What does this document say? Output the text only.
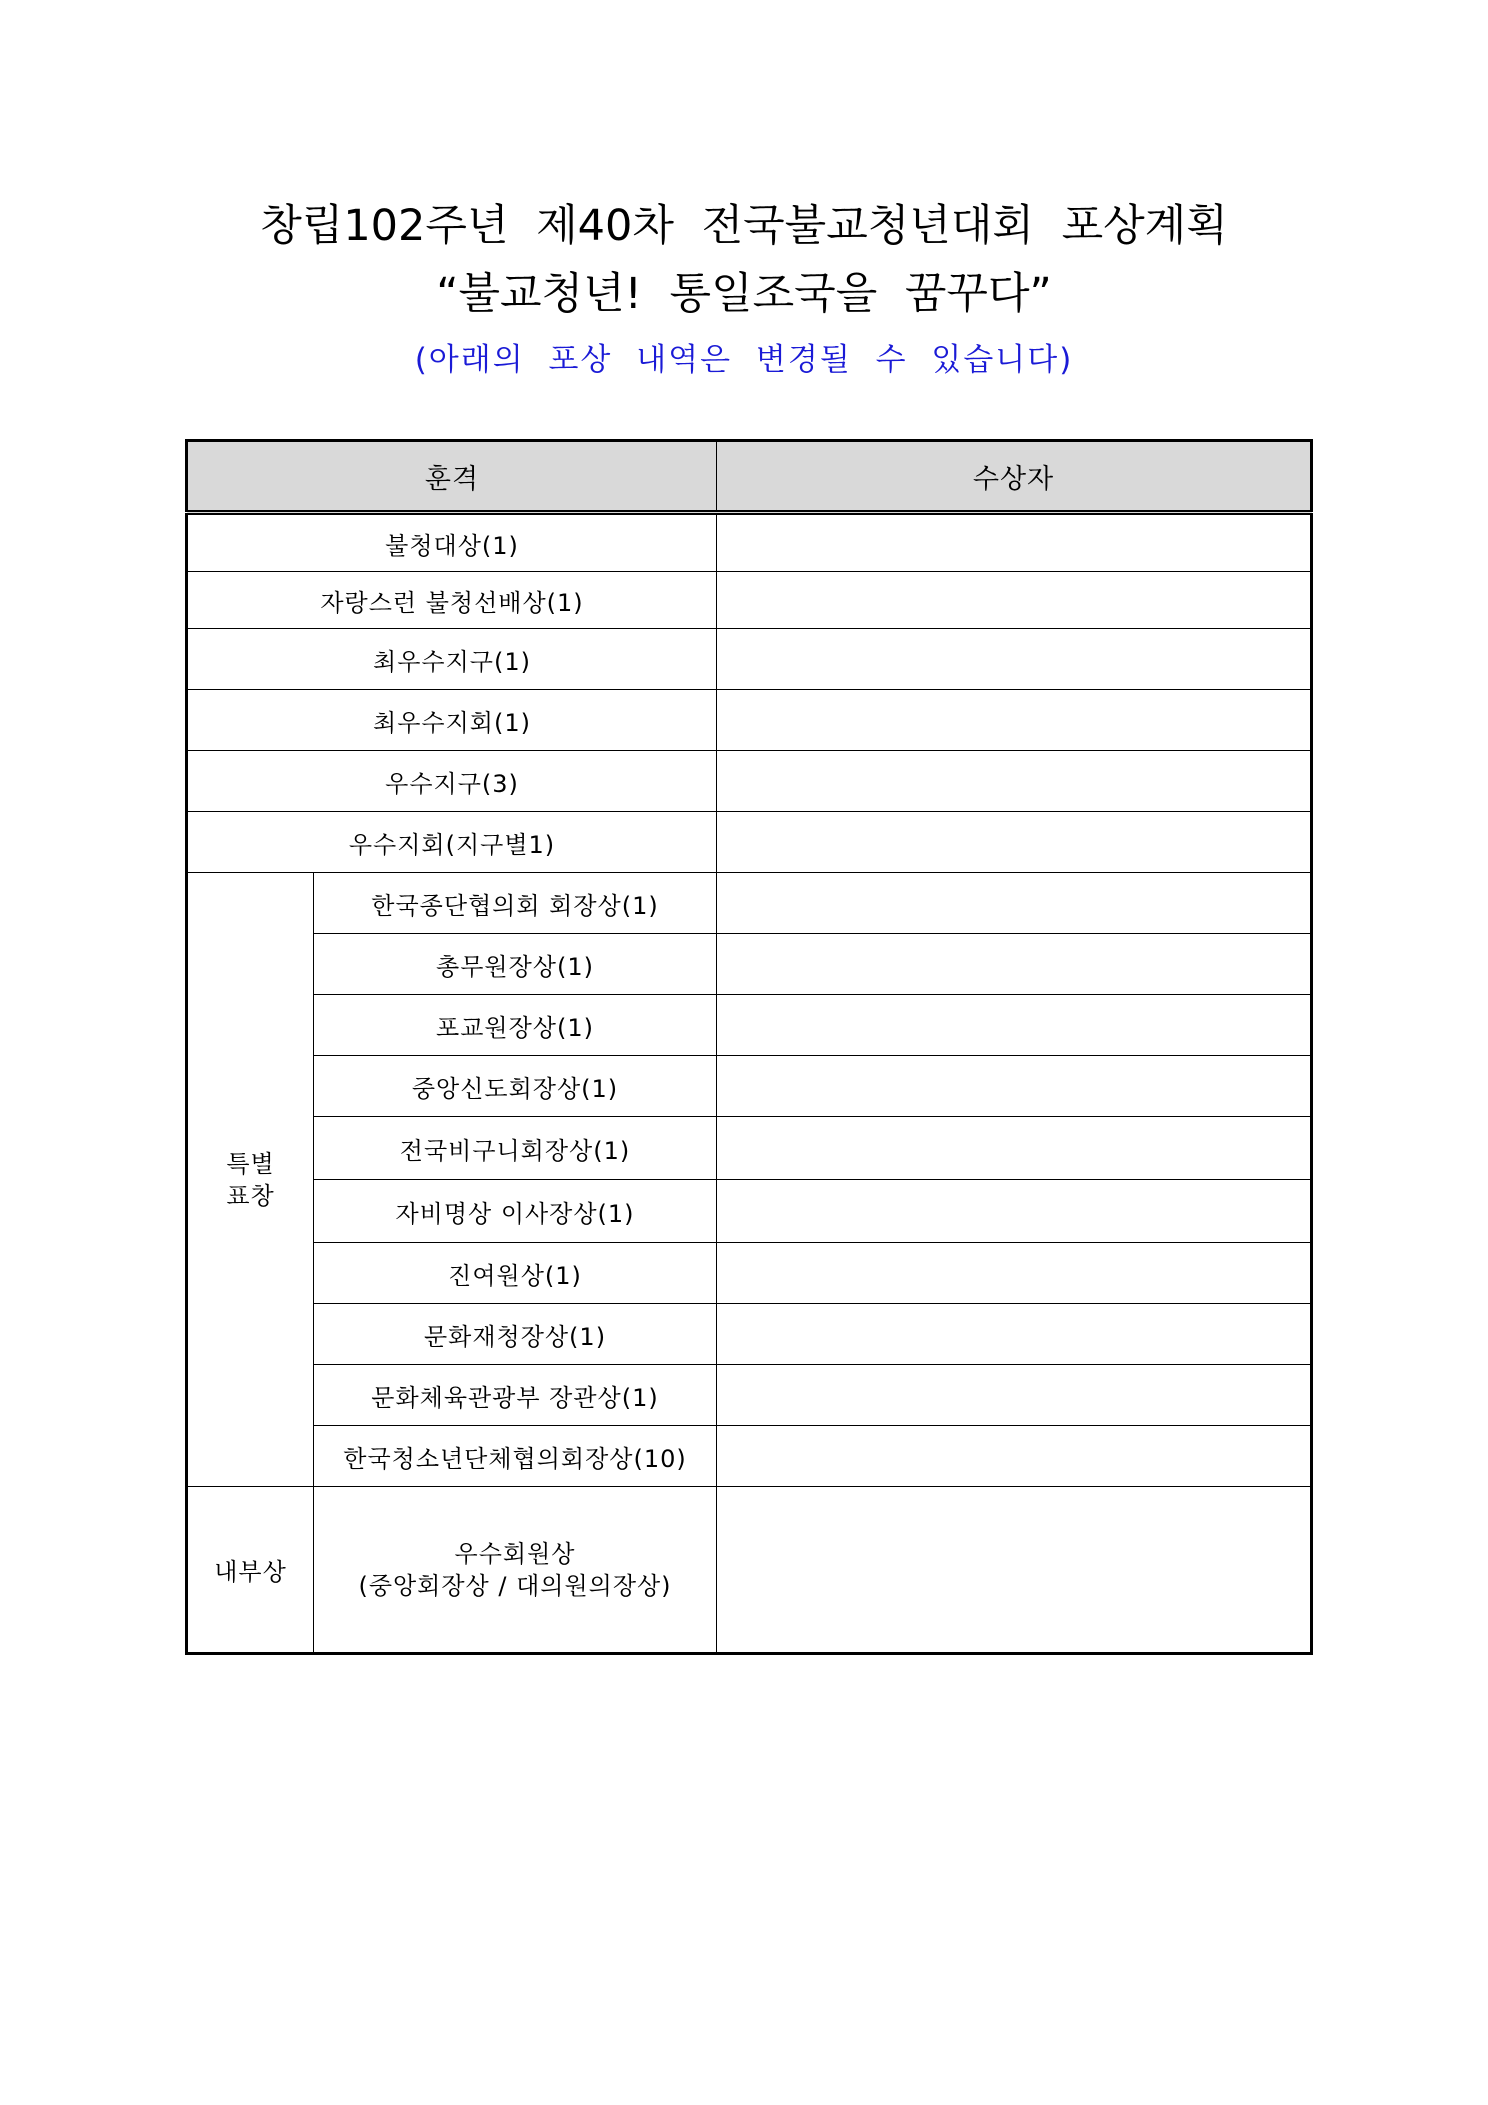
창립102주년 제40차 전국불교청년대회 포상계획
“불교청년! 통일조국을 꿈꾸다”
(아래의 포상 내역은 변경될 수 있습니다)
훈격		수상자
불청대상(1)		
자랑스런 불청선배상(1)		
최우수지구(1)		
최우수지회(1)		
우수지구(3)		
우수지회(지구별1)		
특별
표창	한국종단협의회 회장상(1)	
	총무원장상(1)	
	포교원장상(1)	
	중앙신도회장상(1)	
	전국비구니회장상(1)	
	자비명상 이사장상(1)	
	진여원상(1)	
	문화재청장상(1)	
	문화체육관광부 장관상(1)	
	한국청소년단체협의회장상(10)	
내부상	우수회원상
(중앙회장상 / 대의원의장상)	
